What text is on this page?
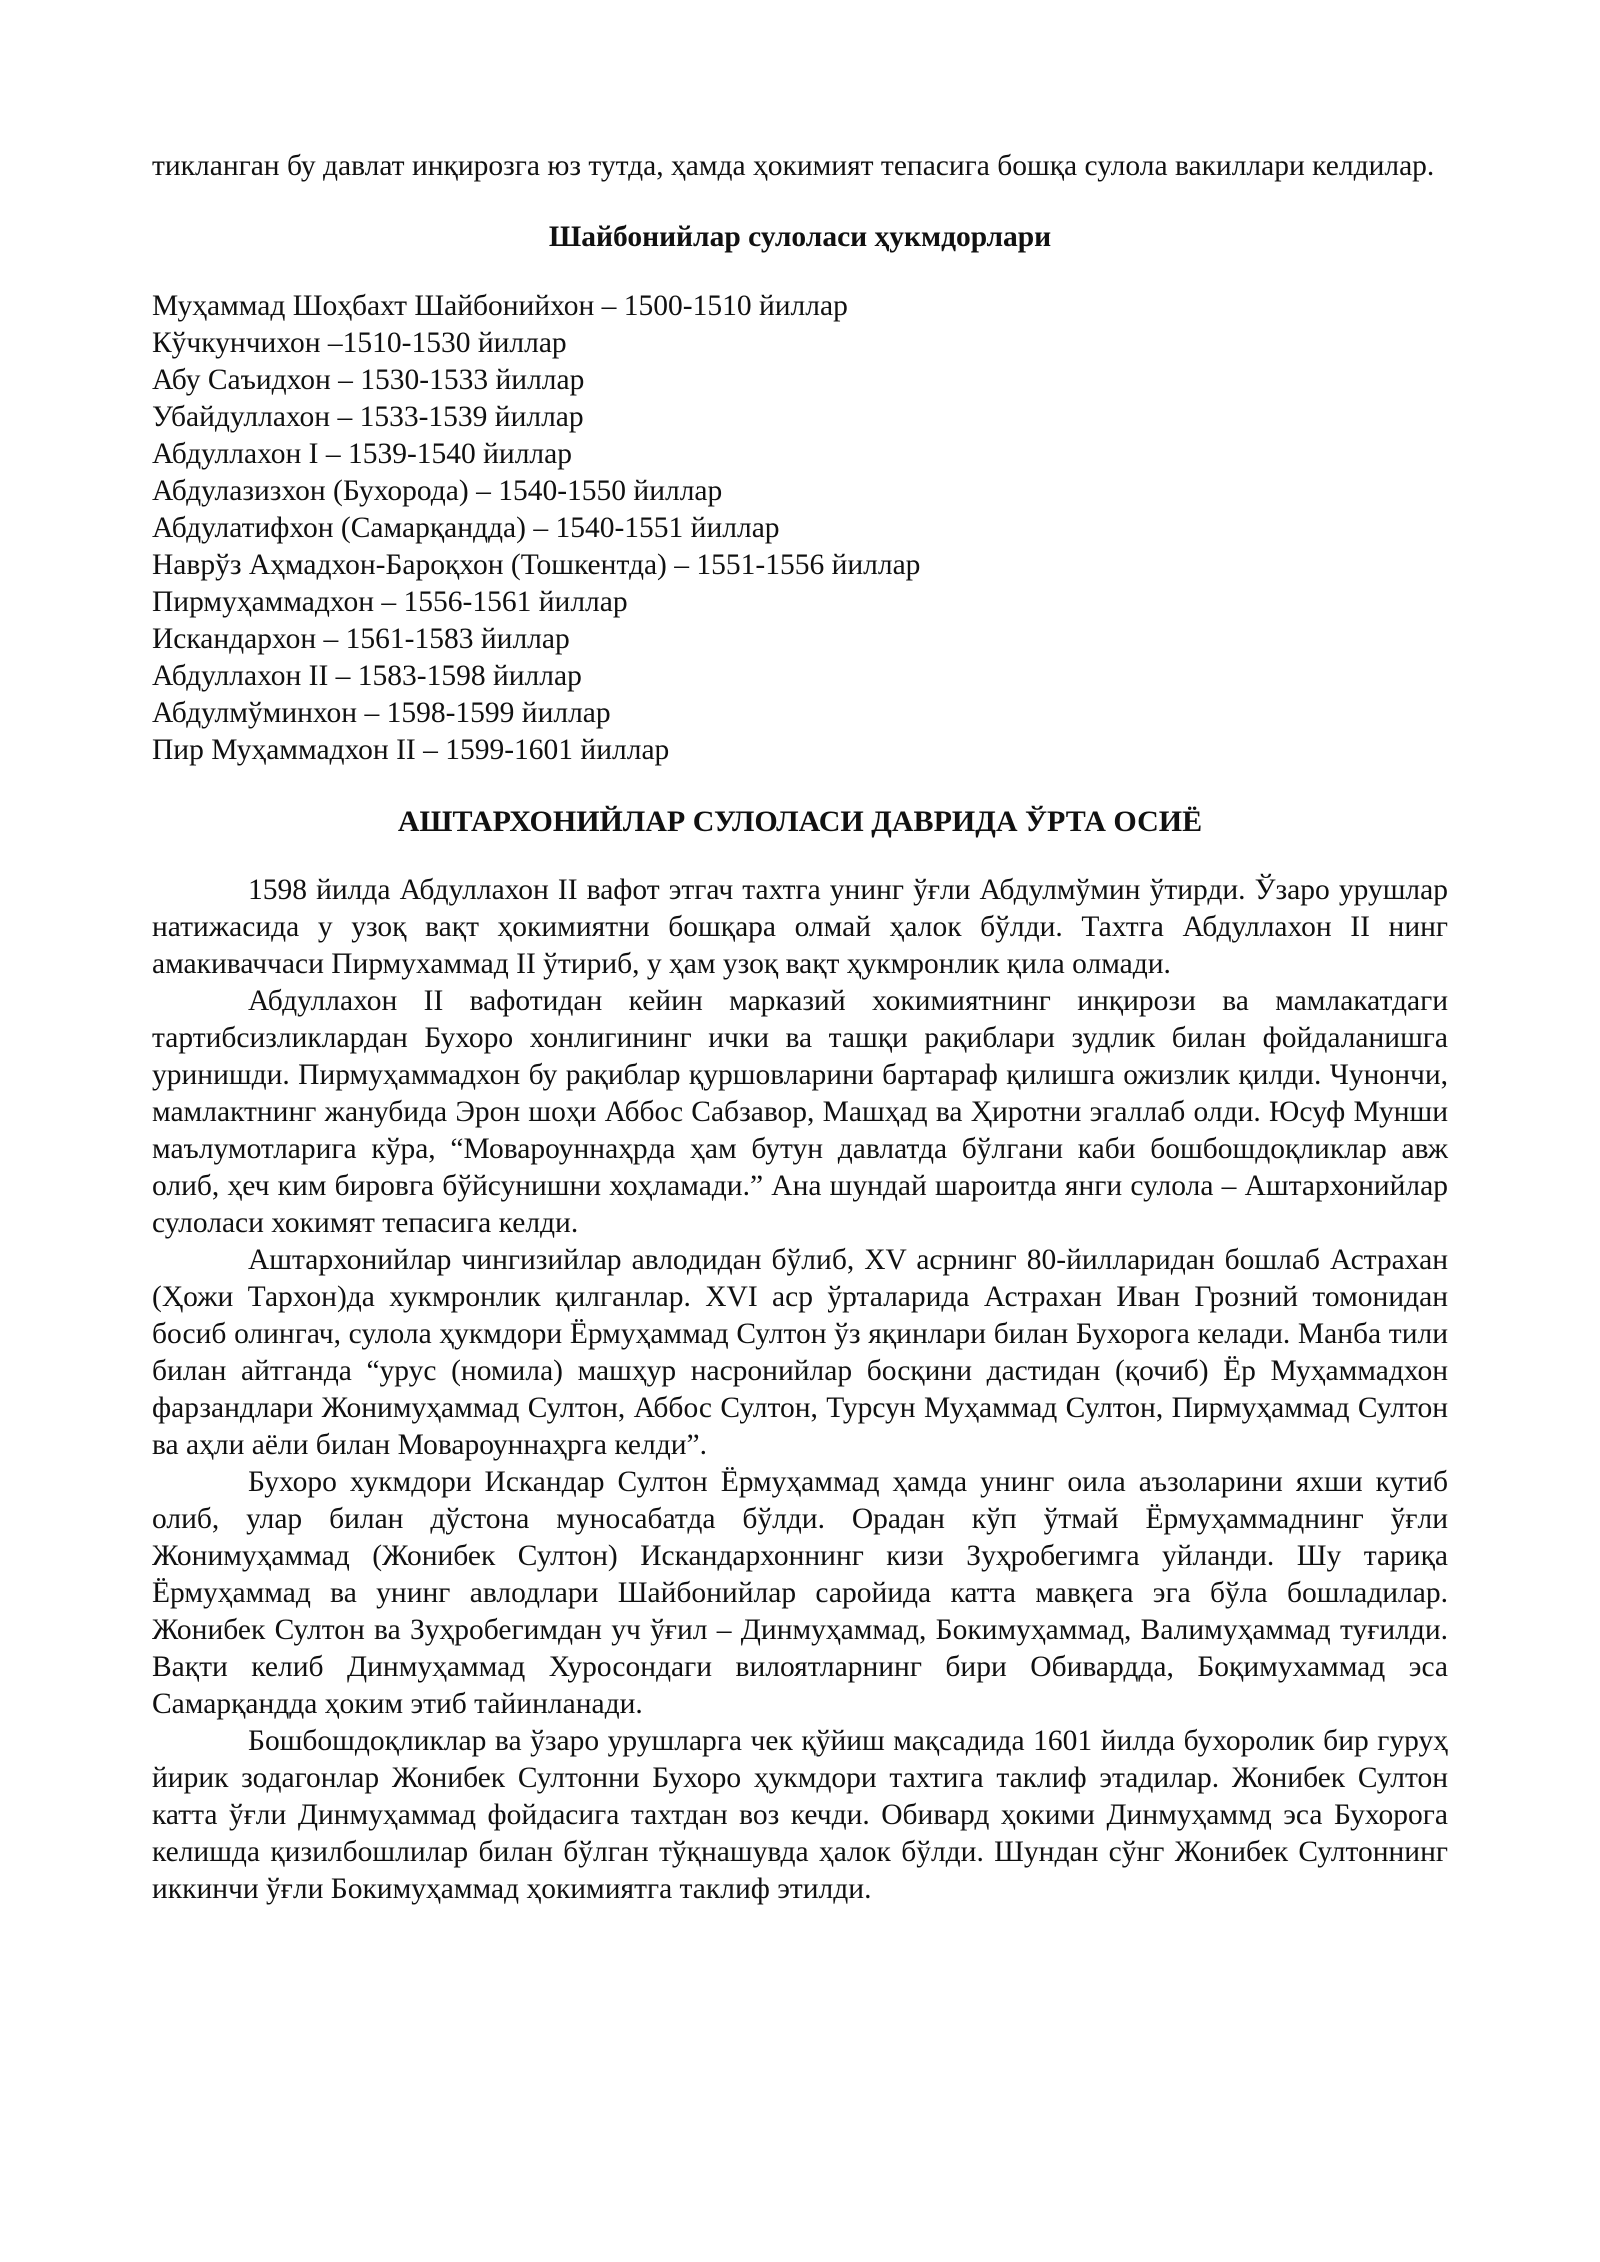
тикланган бу давлат инқирозга юз тутда, ҳамда ҳокимият тепасига бошқа сулола вакиллари келдилар.

Шайбонийлар сулоласи ҳукмдорлари
Муҳаммад Шоҳбахт Шайбонийхон – 1500-1510 йиллар
Кўчкунчихон –1510-1530 йиллар
Абу Саъидхон – 1530-1533 йиллар
Убайдуллахон – 1533-1539 йиллар
Абдуллахон I – 1539-1540 йиллар
Абдулазизхон (Бухорода) – 1540-1550 йиллар
Абдулатифхон (Самарқандда) – 1540-1551 йиллар
Наврўз Аҳмадхон-Бароқхон (Тошкентда) – 1551-1556 йиллар
Пирмуҳаммадхон – 1556-1561 йиллар
Искандархон – 1561-1583 йиллар
Абдуллахон II – 1583-1598 йиллар
Абдулмўминхон – 1598-1599 йиллар
Пир Муҳаммадхон II – 1599-1601 йиллар
АШТАРХОНИЙЛАР СУЛОЛАСИ ДАВРИДА ЎРТА ОСИЁ

1598 йилда Абдуллахон II вафот этгач тахтга унинг ўғли Абдулмўмин ўтирди. Ўзаро урушлар натижасида у узоқ вақт ҳокимиятни бошқара олмай ҳалок бўлди. Тахтга Абдуллахон II нинг амакиваччаси Пирмухаммад II ўтириб, у ҳам узоқ вақт ҳукмронлик қила олмади.

Абдуллахон II вафотидан кейин марказий хокимиятнинг инқирози ва мамлакатдаги тартибсизликлардан Бухоро хонлигининг ички ва ташқи рақиблари зудлик билан фойдаланишга уринишди. Пирмуҳаммадхон бу рақиблар қуршовларини бартараф қилишга ожизлик қилди. Чунончи, мамлактнинг жанубида Эрон шоҳи Аббос Сабзавор, Машҳад ва Ҳиротни эгаллаб олди. Юсуф Мунши маълумотларига кўра, “Мовароуннаҳрда ҳам бутун давлатда бўлгани каби бошбошдоқликлар авж олиб, ҳеч ким бировга бўйсунишни хоҳламади.” Ана шундай шароитда янги сулола – Аштархонийлар сулоласи хокимят тепасига келди.

Аштархонийлар чингизийлар авлодидан бўлиб, XV асрнинг 80-йилларидан бошлаб Астрахан (Ҳожи Тархон)да хукмронлик қилганлар. XVI аср ўрталарида Астрахан Иван Грозний томонидан босиб олингач, сулола ҳукмдори Ёрмуҳаммад Султон ўз яқинлари билан Бухорога келади. Манба тили билан айтганда “урус (номила) машҳур насронийлар босқини дастидан (қочиб) Ёр Муҳаммадхон фарзандлари Жонимуҳаммад Султон, Аббос Султон, Турсун Муҳаммад Султон, Пирмуҳаммад Султон ва аҳли аёли билан Мовароуннаҳрга келди”.

Бухоро хукмдори Искандар Султон Ёрмуҳаммад ҳамда унинг оила аъзоларини яхши кутиб олиб, улар билан дўстона муносабатда бўлди. Орадан кўп ўтмай Ёрмуҳаммаднинг ўғли Жонимуҳаммад (Жонибек Султон) Искандархоннинг кизи Зуҳробегимга уйланди. Шу тариқа Ёрмуҳаммад ва унинг авлодлари Шайбонийлар саройида катта мавқега эга бўла бошладилар. Жонибек Султон ва Зуҳробегимдан уч ўғил – Динмуҳаммад, Бокимуҳаммад, Валимуҳаммад туғилди. Вақти келиб Динмуҳаммад Хуросондаги вилоятларнинг бири Обивардда, Боқимухаммад эса Самарқандда ҳоким этиб тайинланади.

Бошбошдоқликлар ва ўзаро урушларга чек қўйиш мақсадида 1601 йилда бухоролик бир гуруҳ йирик зодагонлар Жонибек Султонни Бухоро ҳукмдори тахтига таклиф этадилар. Жонибек Султон катта ўғли Динмуҳаммад фойдасига тахтдан воз кечди. Обивард ҳокими Динмуҳаммд эса Бухорога келишда қизилбошлилар билан бўлган тўқнашувда ҳалок бўлди. Шундан сўнг Жонибек Султоннинг иккинчи ўғли Бокимуҳаммад ҳокимиятга таклиф этилди.
